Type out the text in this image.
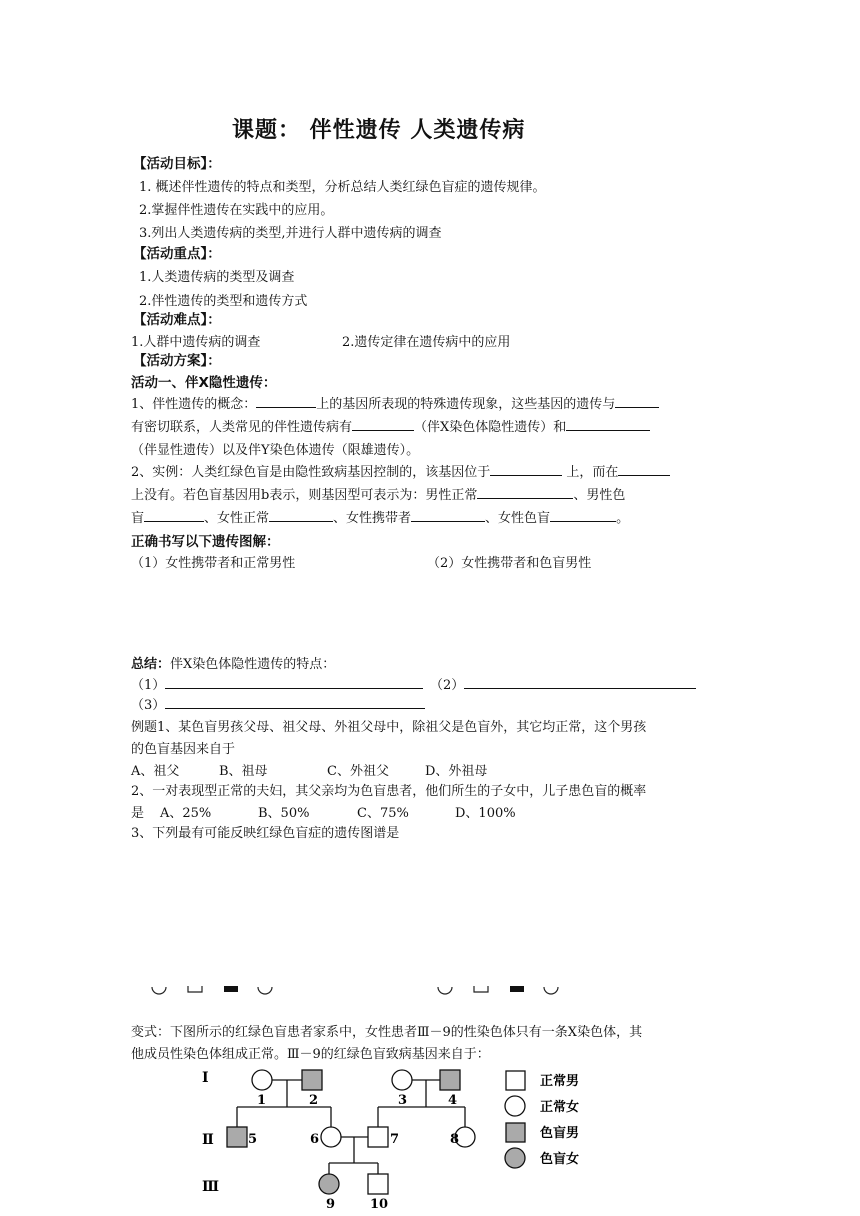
课题： 伴性遗传 人类遗传病
【活动目标】：
1. 概述伴性遗传的特点和类型，分析总结人类红绿色盲症的遗传规律。
2.掌握伴性遗传在实践中的应用。
3.列出人类遗传病的类型,并进行人群中遗传病的调查
【活动重点】：
1.人类遗传病的类型及调查
2.伴性遗传的类型和遗传方式
【活动难点】：
1.人群中遗传病的调查	2.遗传定律在遗传病中的应用
【活动方案】：
活动一、伴X隐性遗传：
1、伴性遗传的概念：	上的基因所表现的特殊遗传现象，这些基因的遗传与
有密切联系，人类常见的伴性遗传病有	（伴X染色体隐性遗传）和
（伴显性遗传）以及伴Y染色体遗传（限雄遗传）。
2、实例：人类红绿色盲是由隐性致病基因控制的，该基因位于	上，而在
上没有。若色盲基因用b表示，则基因型可表示为：男性正常	、男性色
盲	、女性正常	、女性携带者	、女性色盲	。
正确书写以下遗传图解：
（1）女性携带者和正常男性	（2）女性携带者和色盲男性
总结：伴X染色体隐性遗传的特点：
（1）	（2）
（3）
例题1、某色盲男孩父母、祖父母、外祖父母中，除祖父是色盲外，其它均正常，这个男孩
的色盲基因来自于
A、祖父	B、祖母	C、外祖父	D、外祖母
2、一对表现型正常的夫妇，其父亲均为色盲患者，他们所生的子女中，儿子患色盲的概率
是 A、25%	B、50%	C、75%	D、100%
3、下列最有可能反映红绿色盲症的遗传图谱是
变式：下图所示的红绿色盲患者家系中，女性患者Ⅲ－9的性染色体只有一条X染色体，其
他成员性染色体组成正常。Ⅲ－9的红绿色盲致病基因来自于：
Ⅰ
Ⅱ
Ⅲ
1	2	3	4
5	6	7	8
9	10
正常男
正常女
色盲男
色盲女
